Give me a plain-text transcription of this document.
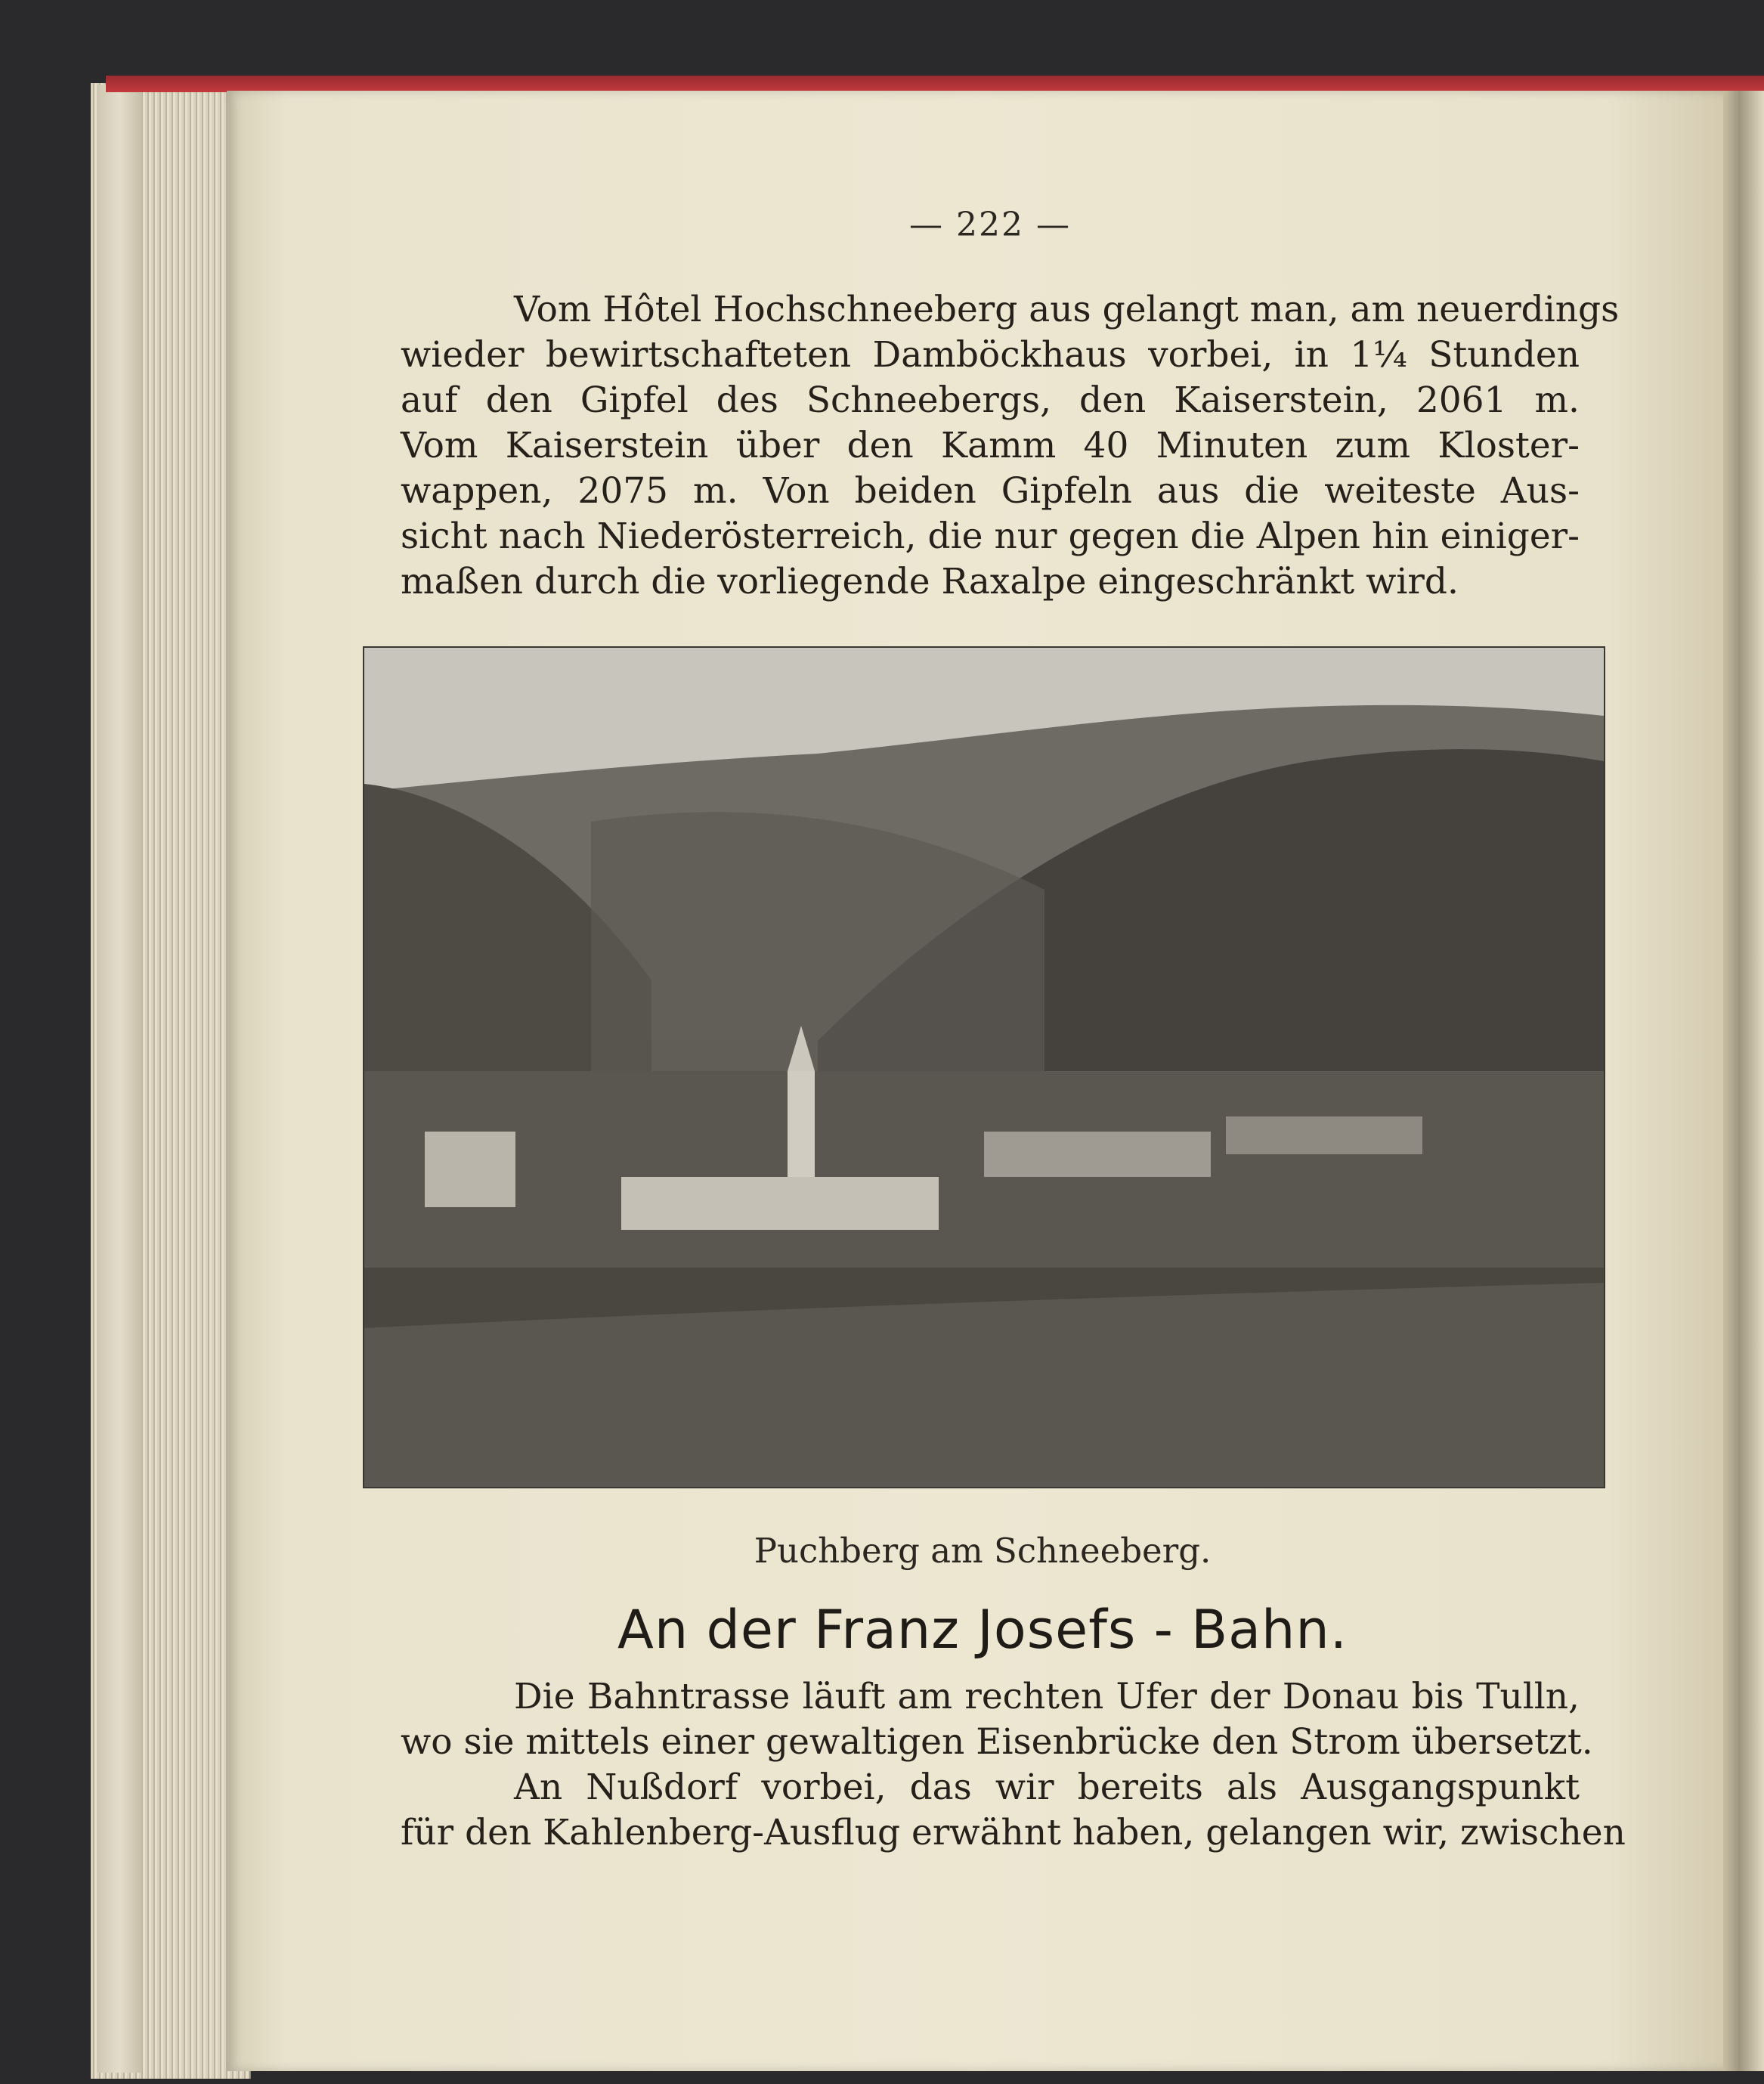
— 222 —
Vom Hôtel Hochschneeberg aus gelangt man, am neuerdings
wieder bewirtschafteten Damböckhaus vorbei, in 1¼ Stunden
auf den Gipfel des Schneebergs, den Kaiserstein, 2061 m.
Vom Kaiserstein über den Kamm 40 Minuten zum Kloster-
wappen, 2075 m. Von beiden Gipfeln aus die weiteste Aus-
sicht nach Niederösterreich, die nur gegen die Alpen hin einiger-
maßen durch die vorliegende Raxalpe eingeschränkt wird.
Puchberg am Schneeberg.
An der Franz Josefs - Bahn.
Die Bahntrasse läuft am rechten Ufer der Donau bis Tulln,
wo sie mittels einer gewaltigen Eisenbrücke den Strom übersetzt.
An Nußdorf vorbei, das wir bereits als Ausgangspunkt
für den Kahlenberg-Ausflug erwähnt haben, gelangen wir, zwischen
